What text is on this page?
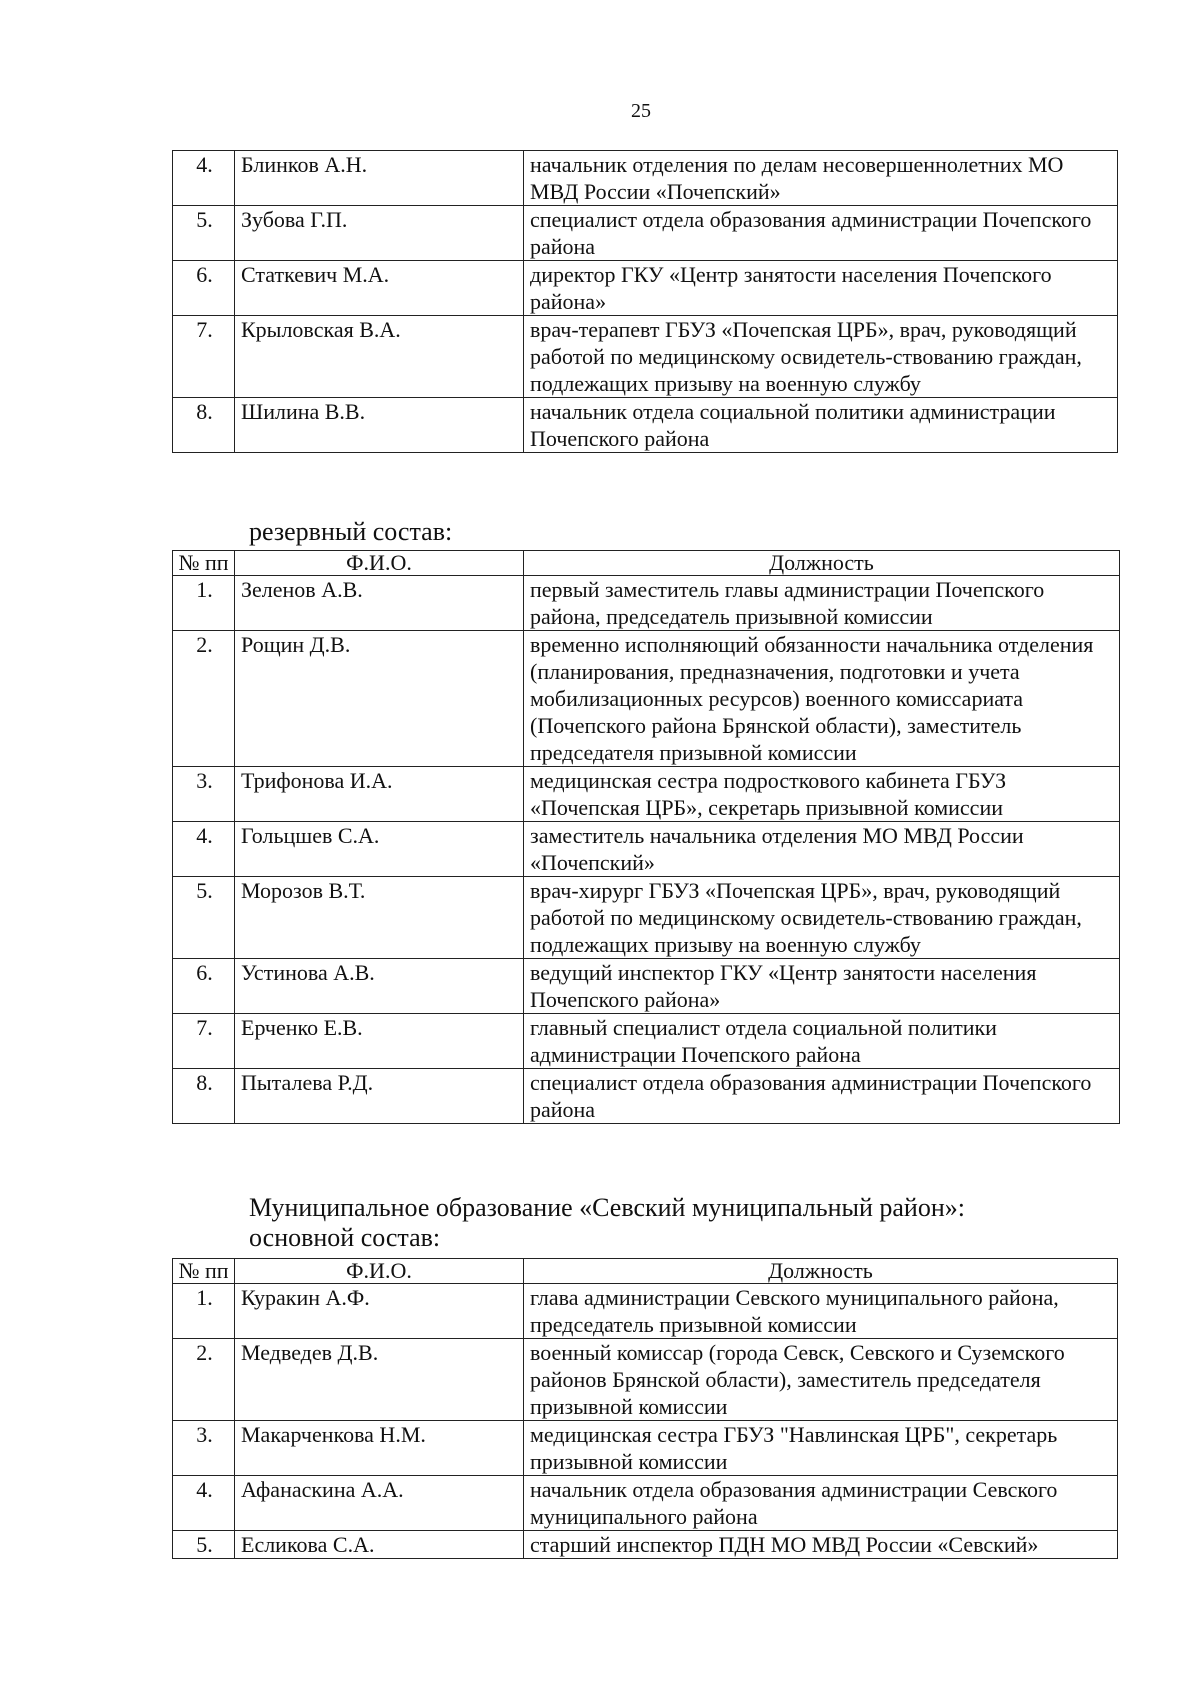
25
4.	Блинков А.Н.	начальник отделения по делам несовершеннолетних МО МВД России «Почепский»
5.	Зубова Г.П.	специалист отдела образования администрации Почепского района
6.	Статкевич М.А.	директор ГКУ «Центр занятости населения Почепского района»
7.	Крыловская В.А.	врач-терапевт ГБУЗ «Почепская ЦРБ», врач, руководящий работой по медицинскому освидетель-ствованию граждан, подлежащих призыву на военную службу
8.	Шилина В.В.	начальник отдела социальной политики администрации Почепского района
резервный состав:
№ пп	Ф.И.О.	Должность
1.	Зеленов А.В.	первый заместитель главы администрации Почепского района, председатель призывной комиссии
2.	Рощин Д.В.	временно исполняющий обязанности начальника отделения (планирования, предназначения, подготовки и учета мобилизационных ресурсов) военного комиссариата (Почепского района Брянской области), заместитель председателя призывной комиссии
3.	Трифонова И.А.	медицинская сестра подросткового кабинета ГБУЗ «Почепская ЦРБ», секретарь призывной комиссии
4.	Гольцшев С.А.	заместитель начальника отделения МО МВД России «Почепский»
5.	Морозов В.Т.	врач-хирург ГБУЗ «Почепская ЦРБ», врач, руководящий работой по медицинскому освидетель-ствованию граждан, подлежащих призыву на военную службу
6.	Устинова А.В.	ведущий инспектор ГКУ «Центр занятости населения Почепского района»
7.	Ерченко Е.В.	главный специалист отдела социальной политики администрации Почепского района
8.	Пыталева Р.Д.	специалист отдела образования администрации Почепского района
Муниципальное образование «Севский муниципальный район»:
основной состав:
№ пп	Ф.И.О.	Должность
1.	Куракин А.Ф.	глава администрации Севского муниципального района, председатель призывной комиссии
2.	Медведев Д.В.	военный комиссар (города Севск, Севского и Суземского районов Брянской области), заместитель председателя призывной комиссии
3.	Макарченкова Н.М.	медицинская сестра ГБУЗ "Навлинская ЦРБ", секретарь призывной комиссии
4.	Афанаскина А.А.	начальник отдела образования администрации Севского муниципального района
5.	Есликова С.А.	старший инспектор ПДН МО МВД России «Севский»
